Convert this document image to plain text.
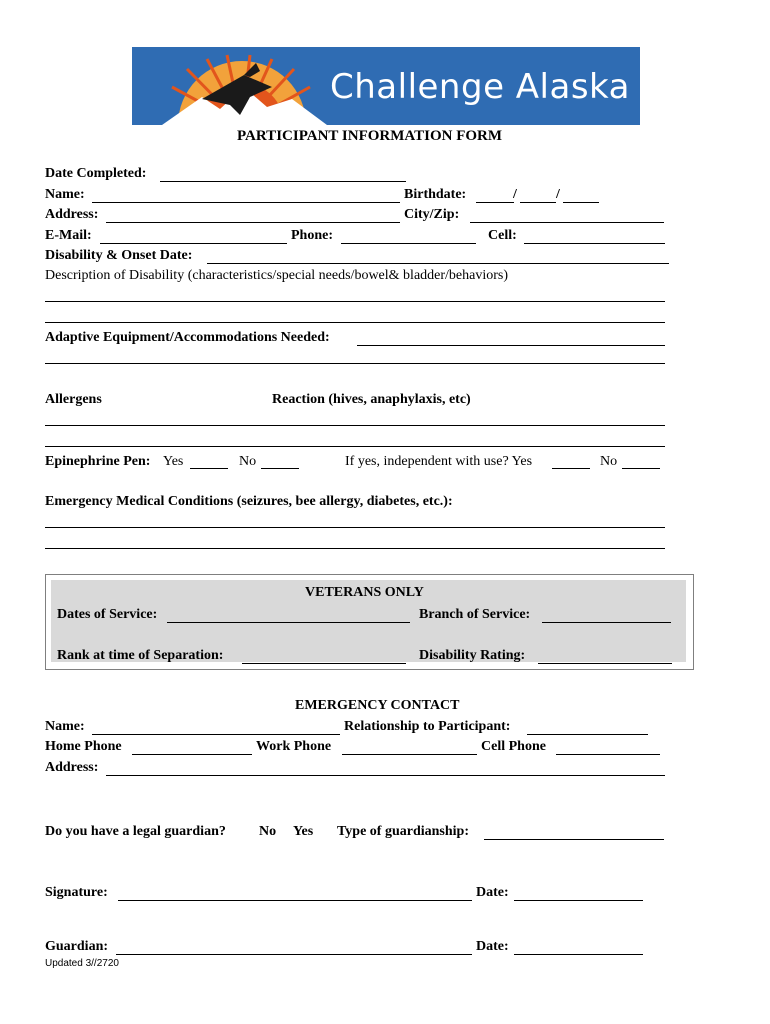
Challenge Alaska
PARTICIPANT INFORMATION FORM
Date Completed:
Name:	Birthdate:	/	/
Address:	City/Zip:
E-Mail:	Phone:	Cell:
Disability & Onset Date:
Description of Disability (characteristics/special needs/bowel& bladder/behaviors)
Adaptive Equipment/Accommodations Needed:
Allergens	Reaction (hives, anaphylaxis, etc)
Epinephrine Pen: Yes	No	If yes, independent with use? Yes	No
Emergency Medical Conditions (seizures, bee allergy, diabetes, etc.):
VETERANS ONLY
Dates of Service:	Branch of Service:
Rank at time of Separation:	Disability Rating:
EMERGENCY CONTACT
Name:	Relationship to Participant:
Home Phone	Work Phone	Cell Phone
Address:
Do you have a legal guardian? No Yes Type of guardianship:
Signature:	Date:
Guardian:	Date:
Updated 3//2720
